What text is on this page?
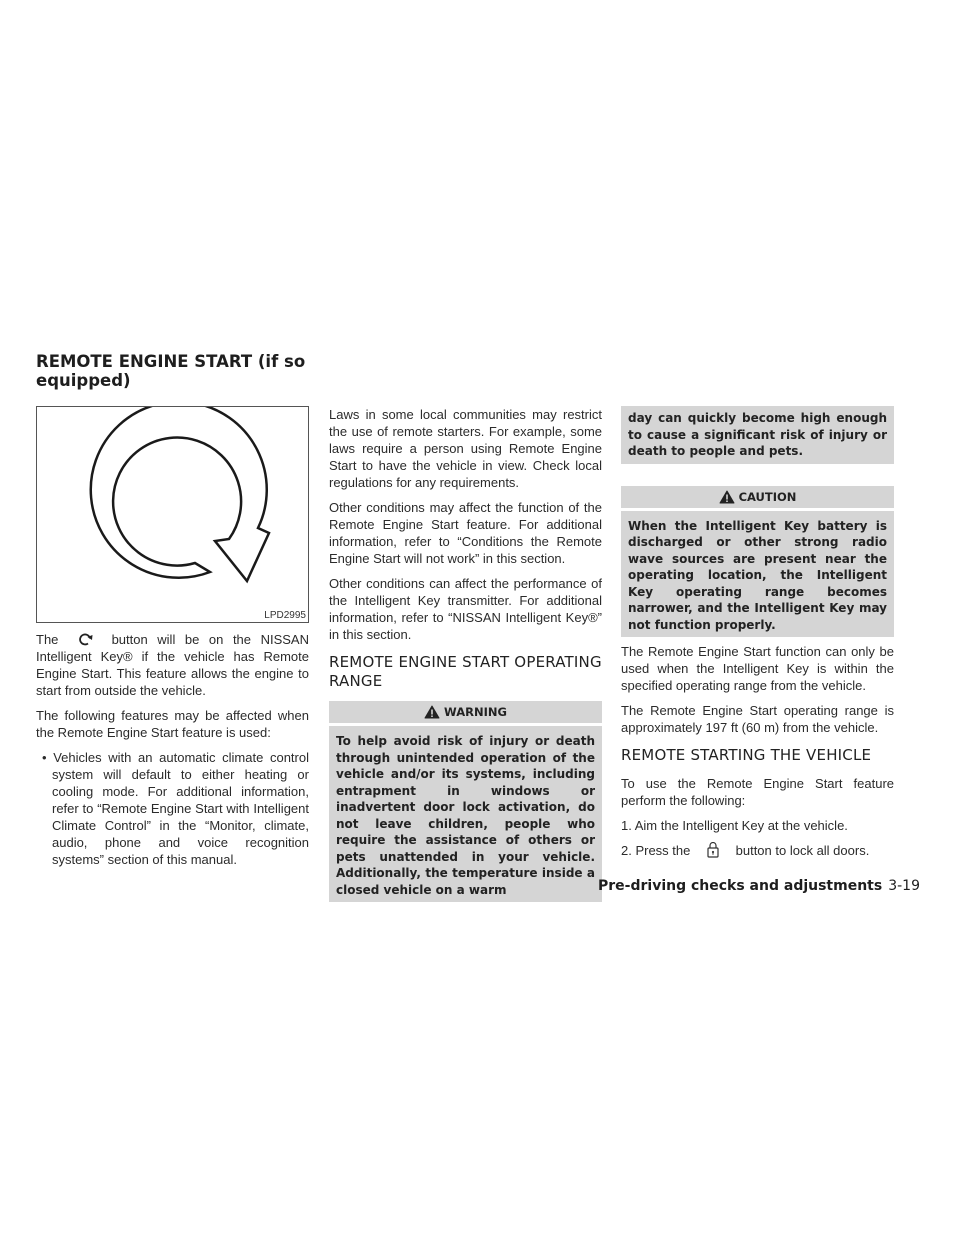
REMOTE ENGINE START (if so equipped)
LPD2995

The	button will be on the NISSAN Intelligent Key® if the vehicle has Remote Engine Start. This feature allows the engine to start from outside the vehicle.

The following features may be affected when the Remote Engine Start feature is used:

• Vehicles with an automatic climate control system will default to either heating or cooling mode. For additional information, refer to “Remote Engine Start with Intelligent Climate Control” in the “Monitor, climate, audio, phone and voice recognition systems” section of this manual.

Laws in some local communities may restrict the use of remote starters. For example, some laws require a person using Remote Engine Start to have the vehicle in view. Check local regulations for any requirements.

Other conditions may affect the function of the Remote Engine Start feature. For additional information, refer to “Conditions the Remote Engine Start will not work” in this section.

Other conditions can affect the performance of the Intelligent Key transmitter. For additional information, refer to “NISSAN Intelligent Key®” in this section.

REMOTE ENGINE START OPERATING RANGE
WARNING
To help avoid risk of injury or death through unintended operation of the vehicle and/or its systems, including entrapment in windows or inadvertent door lock activation, do not leave children, people who require the assistance of others or pets unattended in your vehicle. Additionally, the temperature inside a closed vehicle on a warm
day can quickly become high enough to cause a significant risk of injury or death to people and pets.
CAUTION
When the Intelligent Key battery is discharged or other strong radio wave sources are present near the operating location, the Intelligent Key operating range becomes narrower, and the Intelligent Key may not function properly.

The Remote Engine Start function can only be used when the Intelligent Key is within the specified operating range from the vehicle.

The Remote Engine Start operating range is approximately 197 ft (60 m) from the vehicle.

REMOTE STARTING THE VEHICLE

To use the Remote Engine Start feature perform the following:

1. Aim the Intelligent Key at the vehicle.

2. Press the	button to lock all doors.

Pre-driving checks and adjustments 3-19
